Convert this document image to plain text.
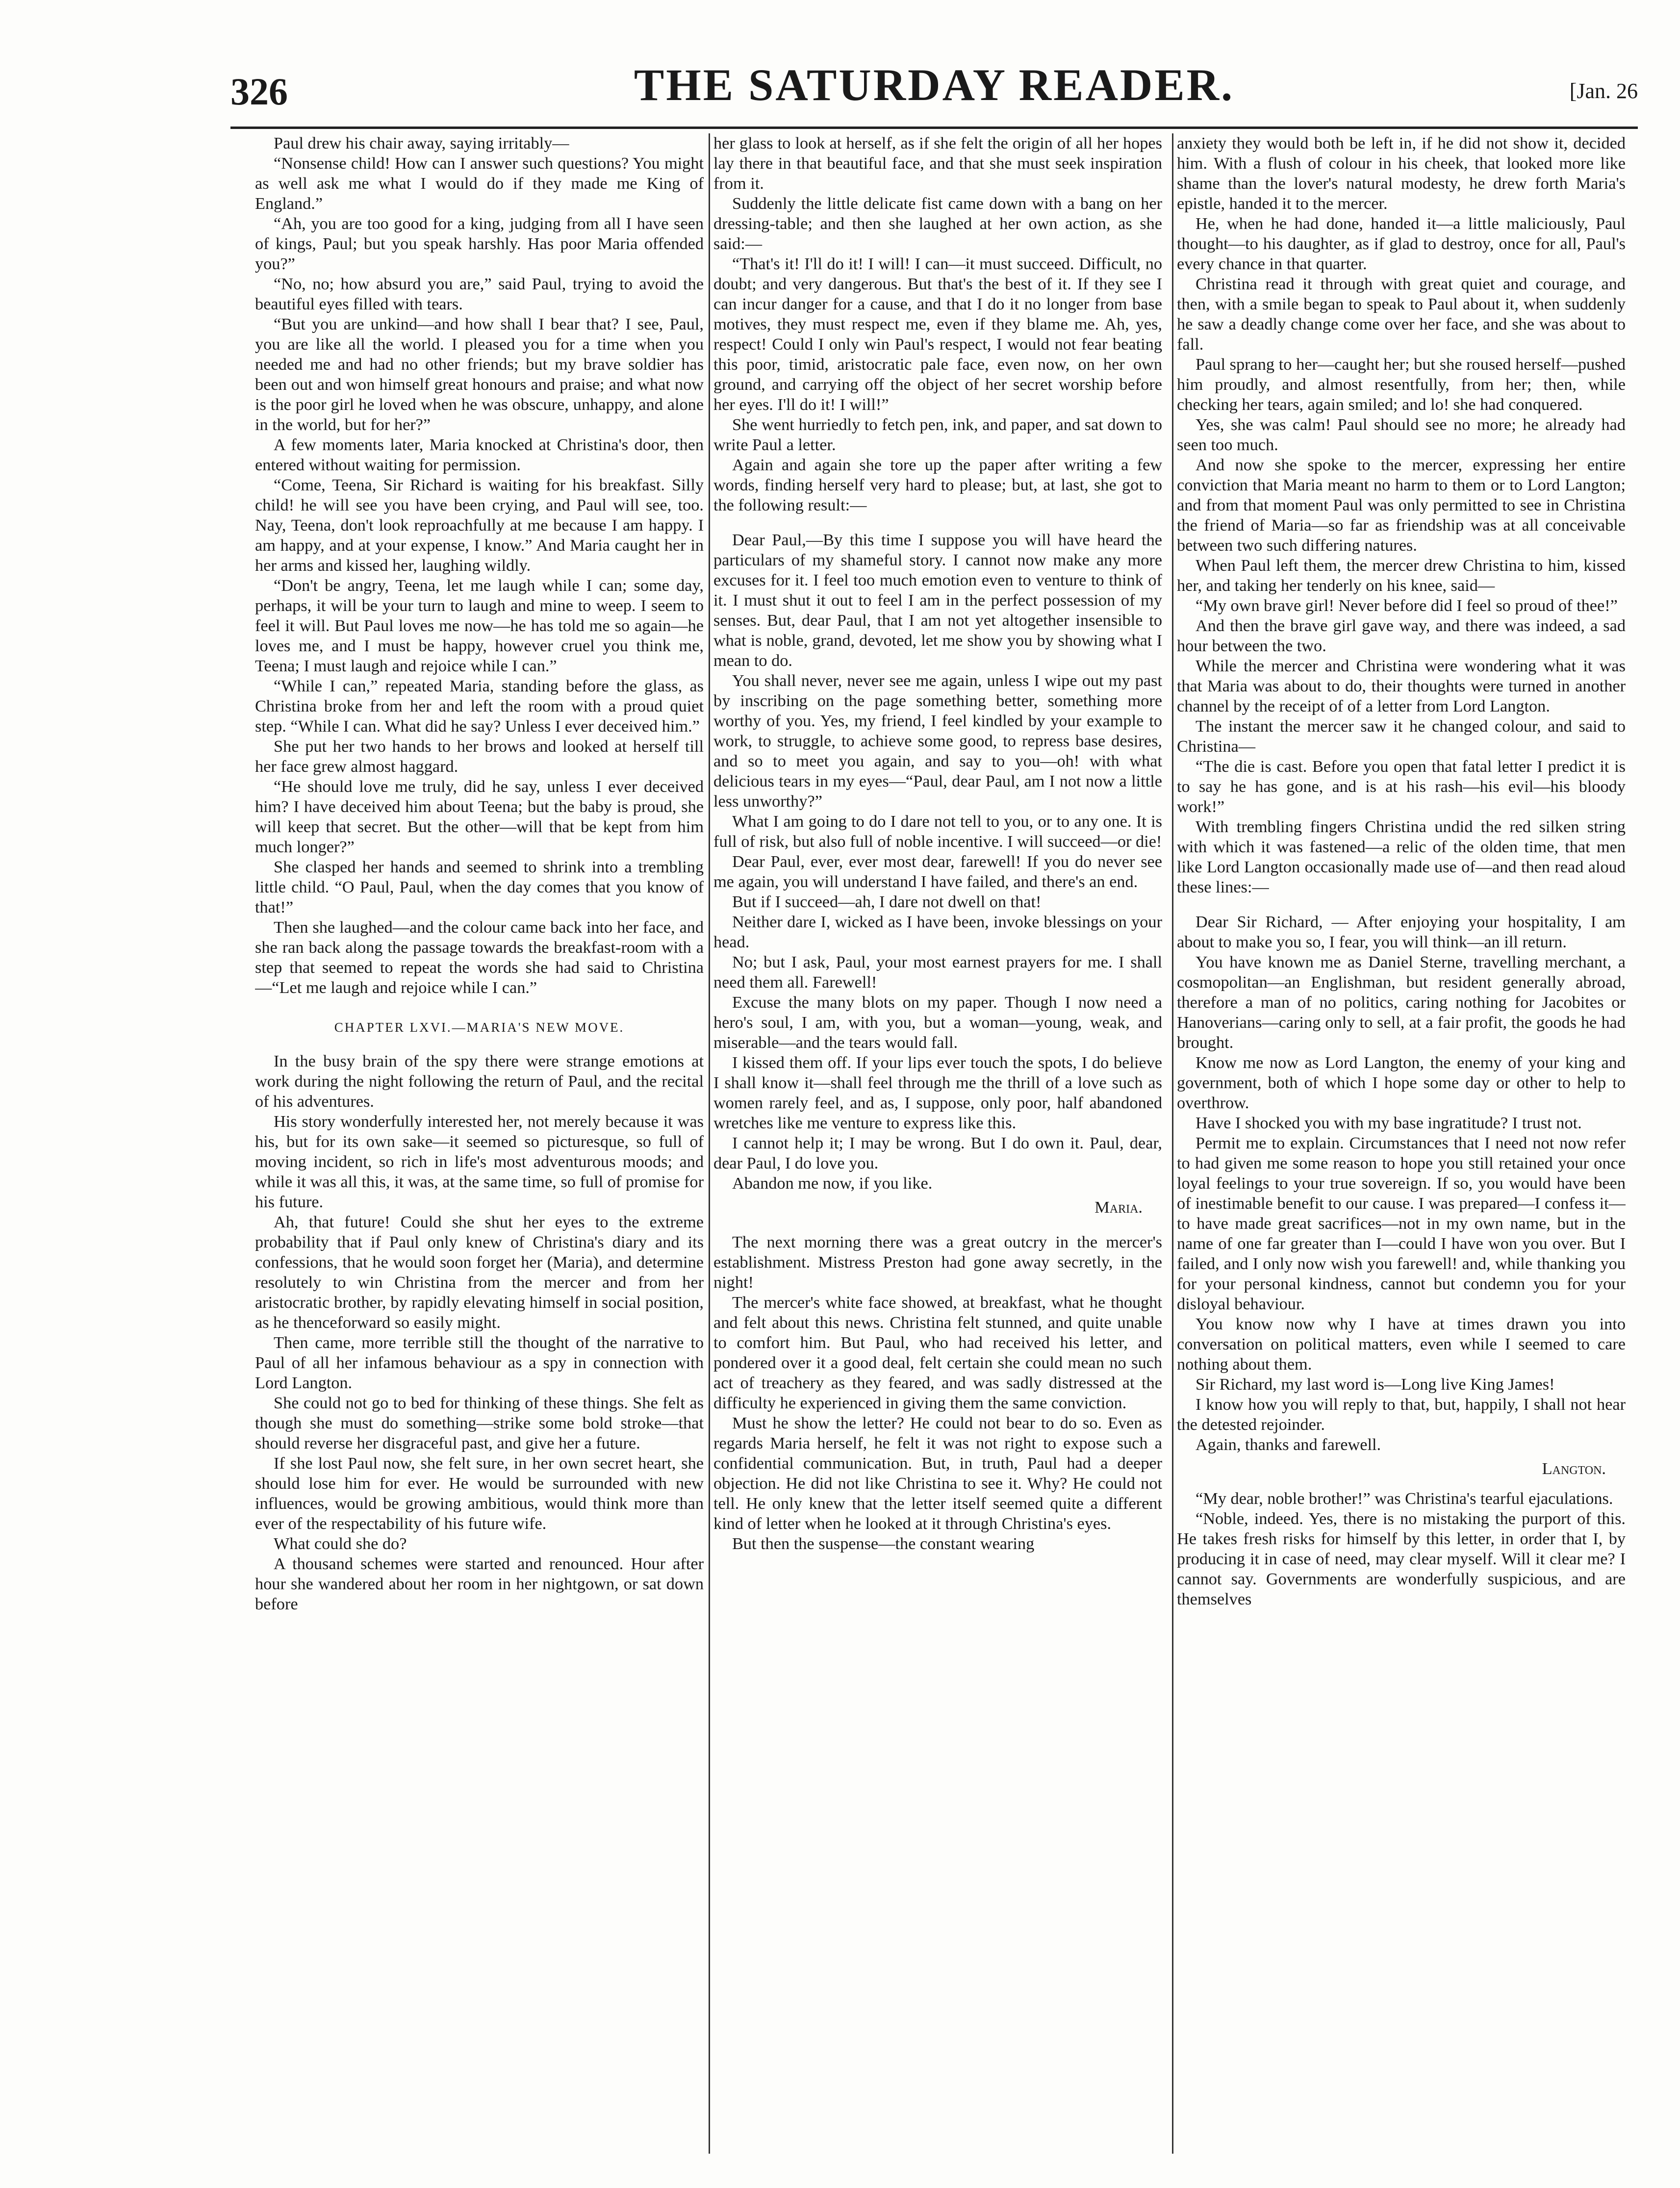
326	THE SATURDAY READER.	[Jan. 26

Paul drew his chair away, saying irritably—

“Nonsense child! How can I answer such questions? You might as well ask me what I would do if they made me King of England.”

“Ah, you are too good for a king, judging from all I have seen of kings, Paul; but you speak harshly. Has poor Maria offended you?”

“No, no; how absurd you are,” said Paul, trying to avoid the beautiful eyes filled with tears.

“But you are unkind—and how shall I bear that? I see, Paul, you are like all the world. I pleased you for a time when you needed me and had no other friends; but my brave soldier has been out and won himself great honours and praise; and what now is the poor girl he loved when he was obscure, unhappy, and alone in the world, but for her?”

A few moments later, Maria knocked at Christina's door, then entered without waiting for permission.

“Come, Teena, Sir Richard is waiting for his breakfast. Silly child! he will see you have been crying, and Paul will see, too. Nay, Teena, don't look reproachfully at me because I am happy. I am happy, and at your expense, I know.” And Maria caught her in her arms and kissed her, laughing wildly.

“Don't be angry, Teena, let me laugh while I can; some day, perhaps, it will be your turn to laugh and mine to weep. I seem to feel it will. But Paul loves me now—he has told me so again—he loves me, and I must be happy, however cruel you think me, Teena; I must laugh and rejoice while I can.”

“While I can,” repeated Maria, standing before the glass, as Christina broke from her and left the room with a proud quiet step. “While I can. What did he say? Unless I ever deceived him.”

She put her two hands to her brows and looked at herself till her face grew almost haggard.

“He should love me truly, did he say, unless I ever deceived him? I have deceived him about Teena; but the baby is proud, she will keep that secret. But the other—will that be kept from him much longer?”

She clasped her hands and seemed to shrink into a trembling little child. “O Paul, Paul, when the day comes that you know of that!”

Then she laughed—and the colour came back into her face, and she ran back along the passage towards the breakfast-room with a step that seemed to repeat the words she had said to Christina—“Let me laugh and rejoice while I can.”

CHAPTER LXVI.—MARIA'S NEW MOVE.

In the busy brain of the spy there were strange emotions at work during the night following the return of Paul, and the recital of his adventures.

His story wonderfully interested her, not merely because it was his, but for its own sake—it seemed so picturesque, so full of moving incident, so rich in life's most adventurous moods; and while it was all this, it was, at the same time, so full of promise for his future.

Ah, that future! Could she shut her eyes to the extreme probability that if Paul only knew of Christina's diary and its confessions, that he would soon forget her (Maria), and determine resolutely to win Christina from the mercer and from her aristocratic brother, by rapidly elevating himself in social position, as he thenceforward so easily might.

Then came, more terrible still the thought of the narrative to Paul of all her infamous behaviour as a spy in connection with Lord Langton.

She could not go to bed for thinking of these things. She felt as though she must do something—strike some bold stroke—that should reverse her disgraceful past, and give her a future.

If she lost Paul now, she felt sure, in her own secret heart, she should lose him for ever. He would be surrounded with new influences, would be growing ambitious, would think more than ever of the respectability of his future wife.

What could she do?

A thousand schemes were started and renounced. Hour after hour she wandered about her room in her nightgown, or sat down before

her glass to look at herself, as if she felt the origin of all her hopes lay there in that beautiful face, and that she must seek inspiration from it.

Suddenly the little delicate fist came down with a bang on her dressing-table; and then she laughed at her own action, as she said:—

“That's it! I'll do it! I will! I can—it must succeed. Difficult, no doubt; and very dangerous. But that's the best of it. If they see I can incur danger for a cause, and that I do it no longer from base motives, they must respect me, even if they blame me. Ah, yes, respect! Could I only win Paul's respect, I would not fear beating this poor, timid, aristocratic pale face, even now, on her own ground, and carrying off the object of her secret worship before her eyes. I'll do it! I will!”

She went hurriedly to fetch pen, ink, and paper, and sat down to write Paul a letter.

Again and again she tore up the paper after writing a few words, finding herself very hard to please; but, at last, she got to the following result:—

Dear Paul,—By this time I suppose you will have heard the particulars of my shameful story. I cannot now make any more excuses for it. I feel too much emotion even to venture to think of it. I must shut it out to feel I am in the perfect possession of my senses. But, dear Paul, that I am not yet altogether insensible to what is noble, grand, devoted, let me show you by showing what I mean to do.

You shall never, never see me again, unless I wipe out my past by inscribing on the page something better, something more worthy of you. Yes, my friend, I feel kindled by your example to work, to struggle, to achieve some good, to repress base desires, and so to meet you again, and say to you—oh! with what delicious tears in my eyes—“Paul, dear Paul, am I not now a little less unworthy?”

What I am going to do I dare not tell to you, or to any one. It is full of risk, but also full of noble incentive. I will succeed—or die!

Dear Paul, ever, ever most dear, farewell! If you do never see me again, you will understand I have failed, and there's an end.

But if I succeed—ah, I dare not dwell on that!

Neither dare I, wicked as I have been, invoke blessings on your head.

No; but I ask, Paul, your most earnest prayers for me. I shall need them all. Farewell!

Excuse the many blots on my paper. Though I now need a hero's soul, I am, with you, but a woman—young, weak, and miserable—and the tears would fall.

I kissed them off. If your lips ever touch the spots, I do believe I shall know it—shall feel through me the thrill of a love such as women rarely feel, and as, I suppose, only poor, half abandoned wretches like me venture to express like this.

I cannot help it; I may be wrong. But I do own it. Paul, dear, dear Paul, I do love you.

Abandon me now, if you like.

Maria.

The next morning there was a great outcry in the mercer's establishment. Mistress Preston had gone away secretly, in the night!

The mercer's white face showed, at breakfast, what he thought and felt about this news. Christina felt stunned, and quite unable to comfort him. But Paul, who had received his letter, and pondered over it a good deal, felt certain she could mean no such act of treachery as they feared, and was sadly distressed at the difficulty he experienced in giving them the same conviction.

Must he show the letter? He could not bear to do so. Even as regards Maria herself, he felt it was not right to expose such a confidential communication. But, in truth, Paul had a deeper objection. He did not like Christina to see it. Why? He could not tell. He only knew that the letter itself seemed quite a different kind of letter when he looked at it through Christina's eyes.

But then the suspense—the constant wearing

anxiety they would both be left in, if he did not show it, decided him. With a flush of colour in his cheek, that looked more like shame than the lover's natural modesty, he drew forth Maria's epistle, handed it to the mercer.

He, when he had done, handed it—a little maliciously, Paul thought—to his daughter, as if glad to destroy, once for all, Paul's every chance in that quarter.

Christina read it through with great quiet and courage, and then, with a smile began to speak to Paul about it, when suddenly he saw a deadly change come over her face, and she was about to fall.

Paul sprang to her—caught her; but she roused herself—pushed him proudly, and almost resentfully, from her; then, while checking her tears, again smiled; and lo! she had conquered.

Yes, she was calm! Paul should see no more; he already had seen too much.

And now she spoke to the mercer, expressing her entire conviction that Maria meant no harm to them or to Lord Langton; and from that moment Paul was only permitted to see in Christina the friend of Maria—so far as friendship was at all conceivable between two such differing natures.

When Paul left them, the mercer drew Christina to him, kissed her, and taking her tenderly on his knee, said—

“My own brave girl! Never before did I feel so proud of thee!”

And then the brave girl gave way, and there was indeed, a sad hour between the two.

While the mercer and Christina were wondering what it was that Maria was about to do, their thoughts were turned in another channel by the receipt of of a letter from Lord Langton.

The instant the mercer saw it he changed colour, and said to Christina—

“The die is cast. Before you open that fatal letter I predict it is to say he has gone, and is at his rash—his evil—his bloody work!”

With trembling fingers Christina undid the red silken string with which it was fastened—a relic of the olden time, that men like Lord Langton occasionally made use of—and then read aloud these lines:—

Dear Sir Richard, — After enjoying your hospitality, I am about to make you so, I fear, you will think—an ill return.

You have known me as Daniel Sterne, travelling merchant, a cosmopolitan—an Englishman, but resident generally abroad, therefore a man of no politics, caring nothing for Jacobites or Hanoverians—caring only to sell, at a fair profit, the goods he had brought.

Know me now as Lord Langton, the enemy of your king and government, both of which I hope some day or other to help to overthrow.

Have I shocked you with my base ingratitude? I trust not.

Permit me to explain. Circumstances that I need not now refer to had given me some reason to hope you still retained your once loyal feelings to your true sovereign. If so, you would have been of inestimable benefit to our cause. I was prepared—I confess it—to have made great sacrifices—not in my own name, but in the name of one far greater than I—could I have won you over. But I failed, and I only now wish you farewell! and, while thanking you for your personal kindness, cannot but condemn you for your disloyal behaviour.

You know now why I have at times drawn you into conversation on political matters, even while I seemed to care nothing about them.

Sir Richard, my last word is—Long live King James!

I know how you will reply to that, but, happily, I shall not hear the detested rejoinder.

Again, thanks and farewell.

Langton.

“My dear, noble brother!” was Christina's tearful ejaculations.

“Noble, indeed. Yes, there is no mistaking the purport of this. He takes fresh risks for himself by this letter, in order that I, by producing it in case of need, may clear myself. Will it clear me? I cannot say. Governments are wonderfully suspicious, and are themselves
